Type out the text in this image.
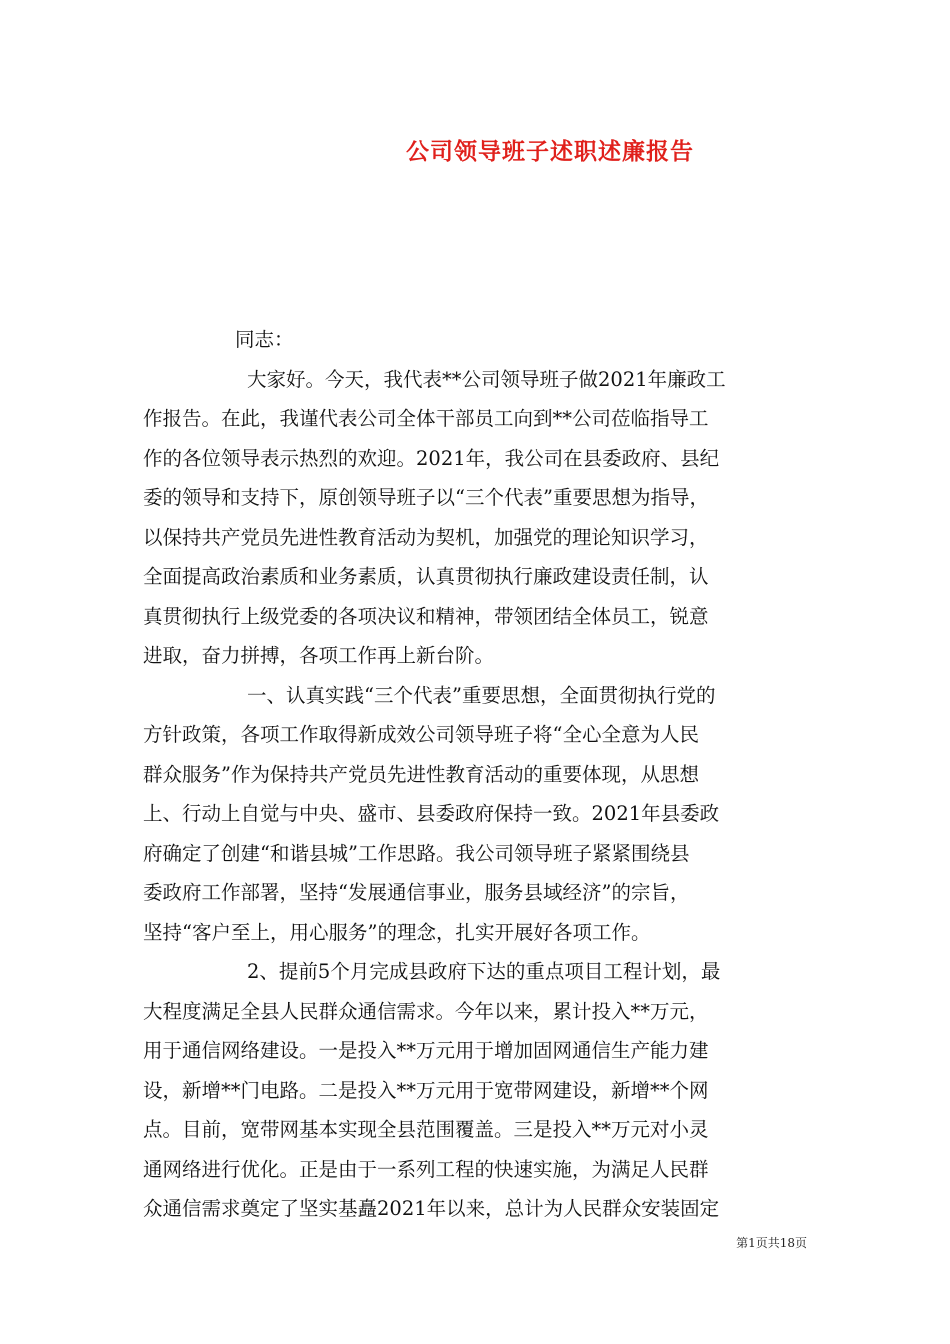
公司领导班子述职述廉报告
同志：
大家好。今天，我代表**公司领导班子做2021年廉政工
作报告。在此，我谨代表公司全体干部员工向到**公司莅临指导工
作的各位领导表示热烈的欢迎。2021年，我公司在县委政府、县纪
委的领导和支持下，原创领导班子以“三个代表”重要思想为指导，
以保持共产党员先进性教育活动为契机，加强党的理论知识学习，
全面提高政治素质和业务素质，认真贯彻执行廉政建设责任制，认
真贯彻执行上级党委的各项决议和精神，带领团结全体员工，锐意
进取，奋力拼搏，各项工作再上新台阶。
一、认真实践“三个代表”重要思想，全面贯彻执行党的
方针政策，各项工作取得新成效公司领导班子将“全心全意为人民
群众服务”作为保持共产党员先进性教育活动的重要体现，从思想
上、行动上自觉与中央、盛市、县委政府保持一致。2021年县委政
府确定了创建“和谐县城”工作思路。我公司领导班子紧紧围绕县
委政府工作部署，坚持“发展通信事业，服务县域经济”的宗旨，
坚持“客户至上，用心服务”的理念，扎实开展好各项工作。
2、提前5个月完成县政府下达的重点项目工程计划，最
大程度满足全县人民群众通信需求。今年以来，累计投入**万元，
用于通信网络建设。一是投入**万元用于增加固网通信生产能力建
设，新增**门电路。二是投入**万元用于宽带网建设，新增**个网
点。目前，宽带网基本实现全县范围覆盖。三是投入**万元对小灵
通网络进行优化。正是由于一系列工程的快速实施，为满足人民群
众通信需求奠定了坚实基矗2021年以来，总计为人民群众安装固定
第1页共18页
